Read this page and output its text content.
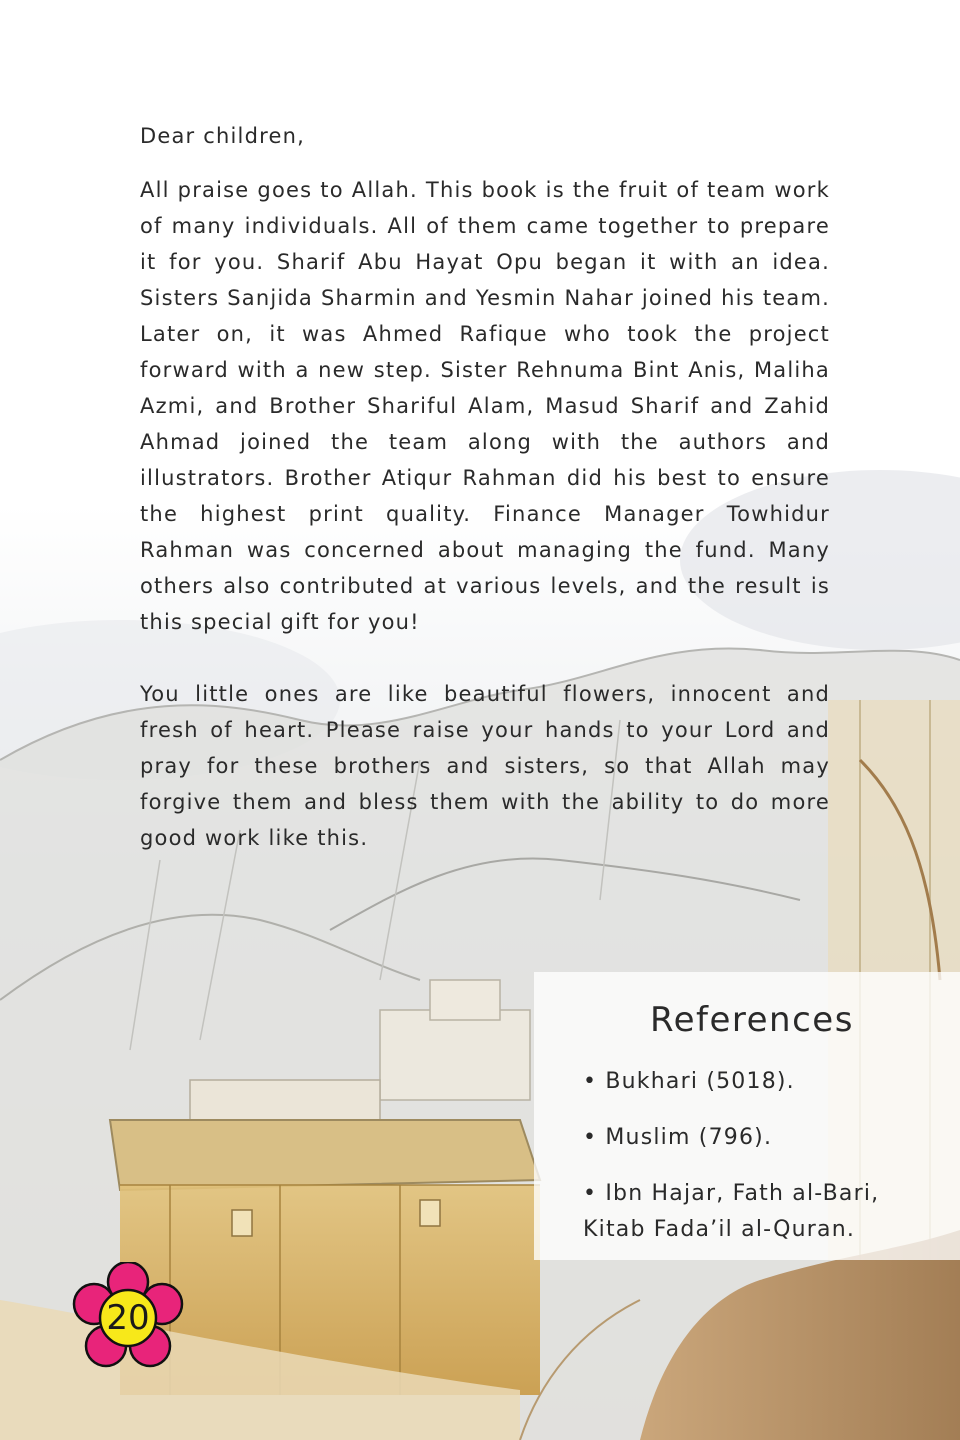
Dear children,

All praise goes to Allah. This book is the fruit of team work of many individuals. All of them came together to prepare it for you. Sharif Abu Hayat Opu began it with an idea. Sisters Sanjida Sharmin and Yesmin Nahar joined his team. Later on, it was Ahmed Rafique who took the project forward with a new step. Sister Rehnuma Bint Anis, Maliha Azmi, and Brother Shariful Alam, Masud Sharif and Zahid Ahmad joined the team along with the authors and illustrators. Brother Atiqur Rahman did his best to ensure the highest print quality. Finance Manager Towhidur Rahman was concerned about managing the fund. Many others also contributed at various levels, and the result is this special gift for you!

You little ones are like beautiful flowers, innocent and fresh of heart. Please raise your hands to your Lord and pray for these brothers and sisters, so that Allah may forgive them and bless them with the ability to do more good work like this.

References
• Bukhari (5018).
• Muslim (796).
• Ibn Hajar, Fath al-Bari, Kitab Fada’il al-Quran.
20
